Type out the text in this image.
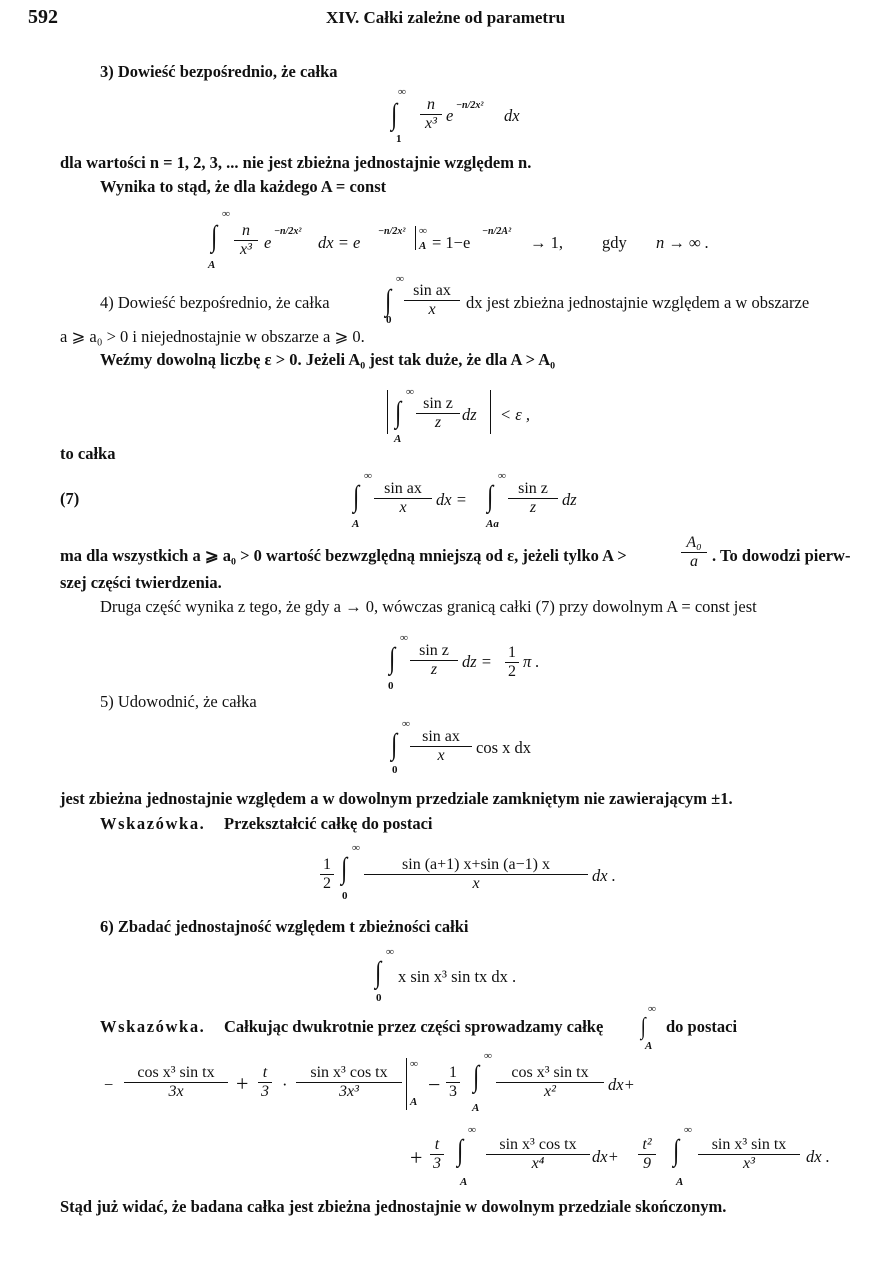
592	XIV. Całki zależne od parametru
3) Dowieść bezpośrednio, że całka
∞
∫
1
$\frac{n}{\text{x³}}$ e
−n/2x²
dx
dla wartości n = 1, 2, 3, ... nie jest zbieżna jednostajnie względem n.
Wynika to stąd, że dla każdego A = const
∞
∫
A
$\frac{n}{\text{x³}}$ e
−n/2x²
dx = e
−n/2x² ∞
A = 1−e
−n/2A²
→ 1, gdy n → ∞ .
4) Dowieść bezpośrednio, że całka
∞
∫
0
$\frac{\text{sin ax}}{x}$ dx jest zbieżna jednostajnie względem a w obszarze
a ⩾ a₀ > 0 i niejednostajnie w obszarze a ⩾ 0.
Weźmy dowolną liczbę ε > 0. Jeżeli A₀ jest tak duże, że dla A > A₀
∞
∫
A
$\frac{\text{sin z}}{z}$ dz < ε ,
to całka
(7)
∞
∫
A
$\frac{\text{sin ax}}{x}$ dx =
∞
∫
Aa
$\frac{\text{sin z}}{z}$ dz
ma dla wszystkich a ⩾ a₀ > 0 wartość bezwzględną mniejszą od ε, jeżeli tylko A >	$\frac{\text{A₀}}{a}$ . To dowodzi pierw-
szej części twierdzenia.
Druga część wynika z tego, że gdy a → 0, wówczas granicą całki (7) przy dowolnym A = const jest
∞
∫
0
$\frac{\text{sin z}}{z}$ dz = $\frac{1}{2}$ π .
5) Udowodnić, że całka
∞
∫
0
$\frac{\text{sin ax}}{x}$ cos x dx
jest zbieżna jednostajnie względem a w dowolnym przedziale zamkniętym nie zawierającym ±1.
Wskazówka. Przekształcić całkę do postaci
$\frac{1}{2}$
∞
∫
0
$\frac{\sin (a+1) x+\sin (a-1) x}{x}$ dx .
6) Zbadać jednostajność względem t zbieżności całki
∞
∫
0
x sin x³ sin tx dx .
Wskazówka. Całkując dwukrotnie przez części sprowadzamy całkę
∞
∫
A
do postaci
− $\frac{\text{cos x³ sin tx}}{3x} + \frac{t}{3} \cdot \frac{\text{sin x³ cos tx}}{\text{3x³}}$ ∞
A
− $\frac{1}{3}$
∞
∫
A
$\frac{\text{cos x³ sin tx}}{\text{x²}} dx+$
+ $\frac{t}{3}$
∞
∫
A
$\frac{\text{sin x³ cos tx}}{\text{x⁴}} dx+ \frac{\text{t²}}{9}$
∞
∫
A
$\frac{\text{sin x³ sin tx}}{\text{x³}}$ dx .
Stąd już widać, że badana całka jest zbieżna jednostajnie w dowolnym przedziale skończonym.
